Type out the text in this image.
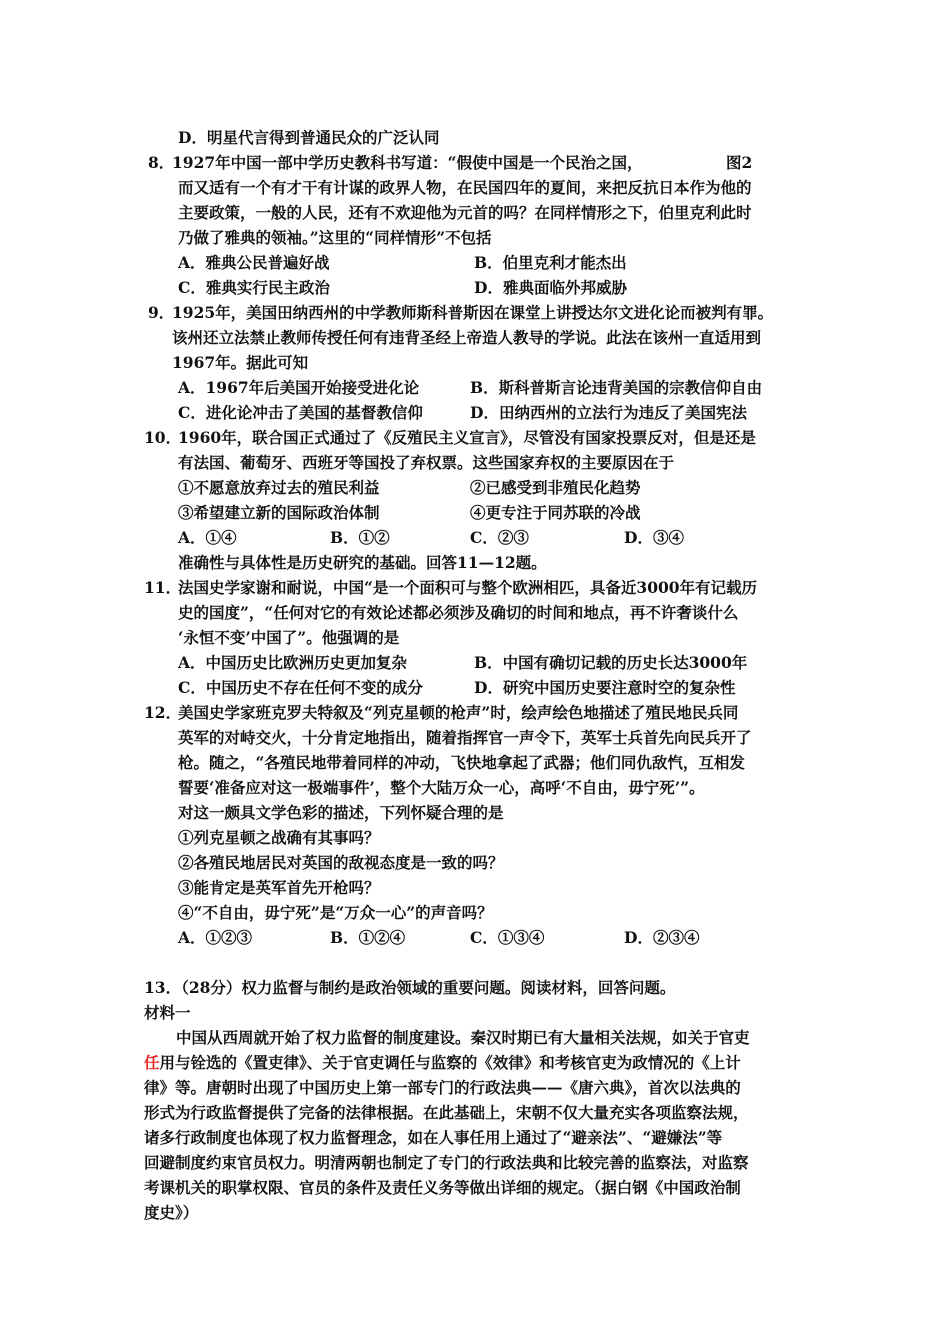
D．明星代言得到普通民众的广泛认同
8．
1927年中国一部中学历史教科书写道：“假使中国是一个民治之国，	图2
而又适有一个有才干有计谋的政界人物，在民国四年的夏间，来把反抗日本作为他的
主要政策，一般的人民，还有不欢迎他为元首的吗？在同样情形之下，伯里克利此时
乃做了雅典的领袖。”这里的“同样情形”不包括
A．雅典公民普遍好战	B．伯里克利才能杰出
C．雅典实行民主政治	D．雅典面临外邦威胁
9．
1925年，美国田纳西州的中学教师斯科普斯因在课堂上讲授达尔文进化论而被判有罪。
该州还立法禁止教师传授任何有违背圣经上帝造人教导的学说。此法在该州一直适用到
1967年。据此可知
A．1967年后美国开始接受进化论	B．斯科普斯言论违背美国的宗教信仰自由
C．进化论冲击了美国的基督教信仰	D．田纳西州的立法行为违反了美国宪法
10．
1960年，联合国正式通过了《反殖民主义宣言》，尽管没有国家投票反对，但是还是
有法国、葡萄牙、西班牙等国投了弃权票。这些国家弃权的主要原因在于
①不愿意放弃过去的殖民利益	②已感受到非殖民化趋势
③希望建立新的国际政治体制	④更专注于同苏联的冷战
A．①④	B．①②	C．②③	D．③④
准确性与具体性是历史研究的基础。回答11—12题。
11．
法国史学家谢和耐说，中国“是一个面积可与整个欧洲相匹，具备近3000年有记载历
史的国度”，“任何对它的有效论述都必须涉及确切的时间和地点，再不许奢谈什么
‘永恒不变’中国了”。他强调的是
A．中国历史比欧洲历史更加复杂	B．中国有确切记载的历史长达3000年
C．中国历史不存在任何不变的成分	D．研究中国历史要注意时空的复杂性
12．
美国史学家班克罗夫特叙及“列克星顿的枪声”时，绘声绘色地描述了殖民地民兵同
英军的对峙交火，十分肯定地指出，随着指挥官一声令下，英军士兵首先向民兵开了
枪。随之，“各殖民地带着同样的冲动，飞快地拿起了武器；他们同仇敌忾，互相发
誓要‘准备应对这一极端事件’，整个大陆万众一心，高呼‘不自由，毋宁死’”。
对这一颇具文学色彩的描述，下列怀疑合理的是
①列克星顿之战确有其事吗？
②各殖民地居民对英国的敌视态度是一致的吗？
③能肯定是英军首先开枪吗？
④“不自由，毋宁死”是“万众一心”的声音吗？
A．①②③	B．①②④	C．①③④	D．②③④
13．（28分）权力监督与制约是政治领域的重要问题。阅读材料，回答问题。
材料一
中国从西周就开始了权力监督的制度建设。秦汉时期已有大量相关法规，如关于官吏
任用与铨选的《置吏律》、关于官吏调任与监察的《效律》和考核官吏为政情况的《上计
律》等。唐朝时出现了中国历史上第一部专门的行政法典——《唐六典》，首次以法典的
形式为行政监督提供了完备的法律根据。在此基础上，宋朝不仅大量充实各项监察法规，
诸多行政制度也体现了权力监督理念，如在人事任用上通过了“避亲法”、“避嫌法”等
回避制度约束官员权力。明清两朝也制定了专门的行政法典和比较完善的监察法，对监察
考课机关的职掌权限、官员的条件及责任义务等做出详细的规定。（据白钢《中国政治制
度史》）
